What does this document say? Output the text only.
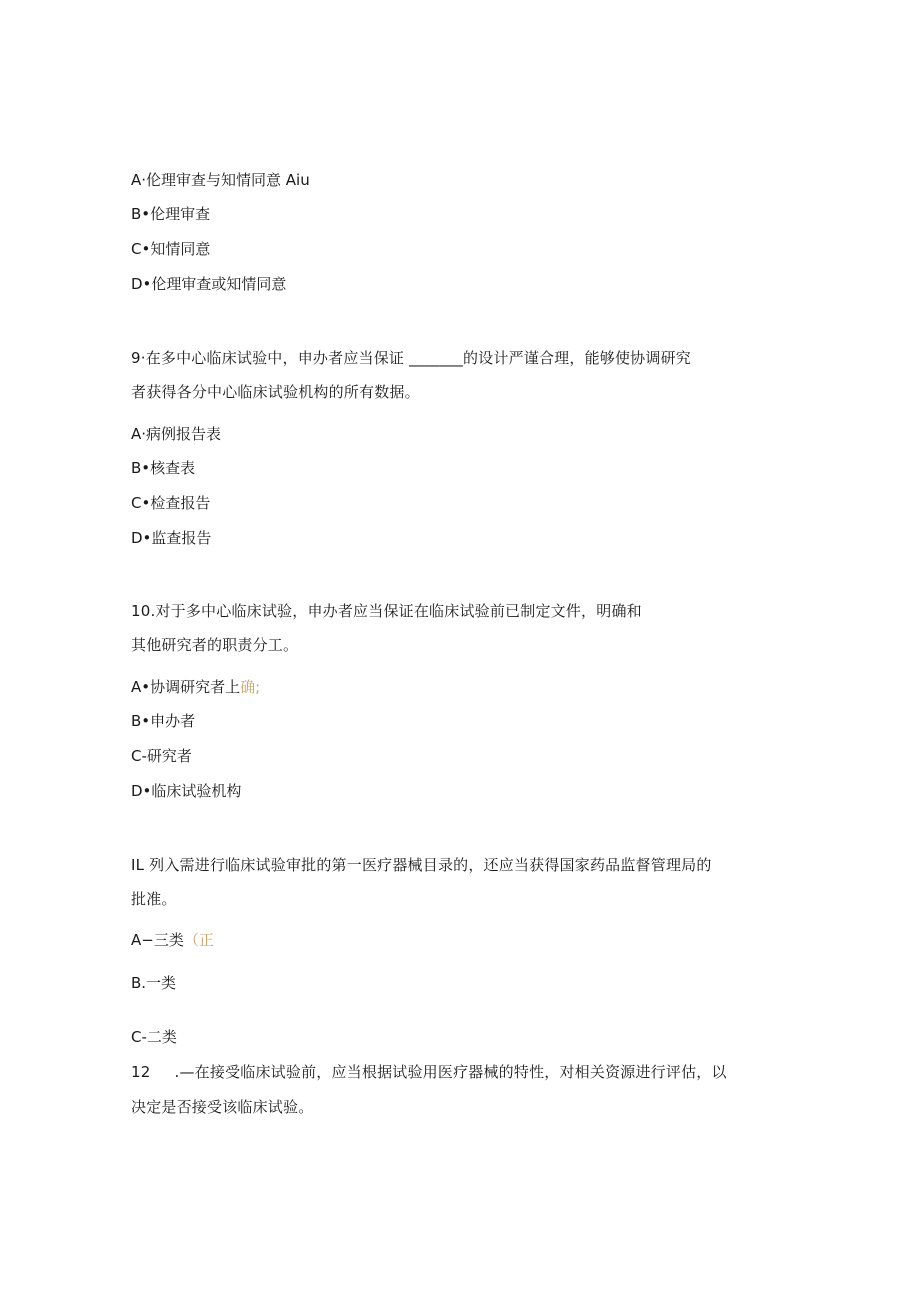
A·伦理审查与知情同意 Aiu
B•伦理审查
C•知情同意
D•伦理审查或知情同意
9·在多中心临床试验中，申办者应当保证 _______的设计严谨合理，能够使协调研究
者获得各分中心临床试验机构的所有数据。
A·病例报告表
B•核查表
C•检查报告
D•监查报告
10.对于多中心临床试验，申办者应当保证在临床试验前已制定文件，明确和
其他研究者的职责分工。
A•协调研究者上确;
B•申办者
C-研究者
D•临床试验机构
IL 列入需进行临床试验审批的第一医疗器械目录的，还应当获得国家药品监督管理局的
批准。
A−三类（正
B.一类
C-二类
12 .—在接受临床试验前，应当根据试验用医疗器械的特性，对相关资源进行评估，以
决定是否接受该临床试验。
